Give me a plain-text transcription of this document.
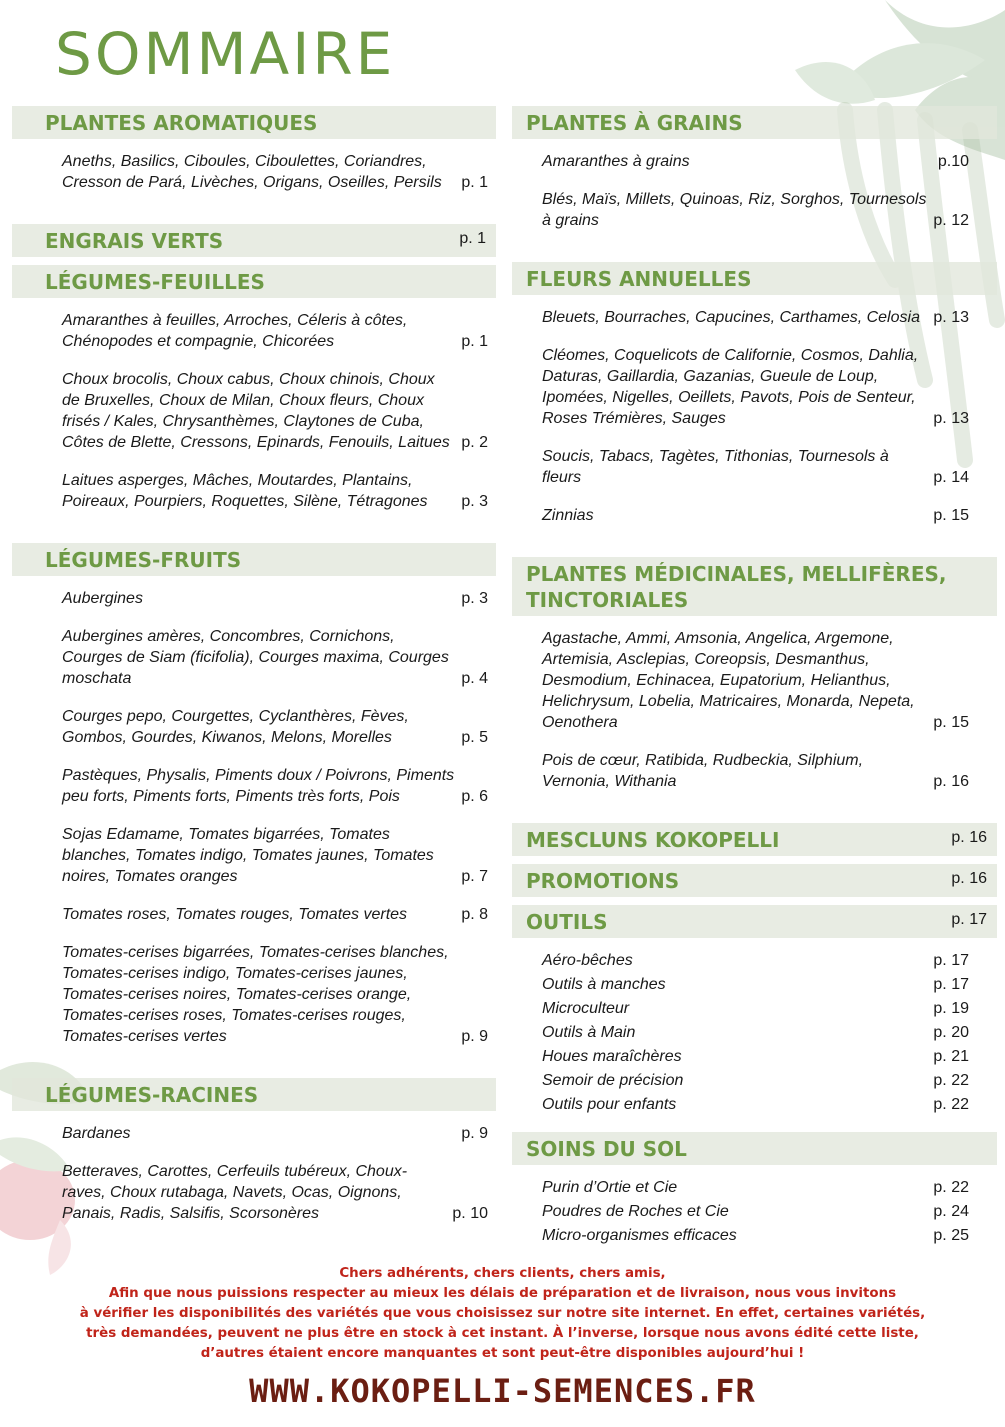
SOMMAIRE
PLANTES AROMATIQUES
Aneths, Basilics, Ciboules, Ciboulettes, Coriandres, Cresson de Pará, Livèches, Origans, Oseilles, Persils	p. 1
ENGRAIS VERTS	p. 1
LÉGUMES-FEUILLES
Amaranthes à feuilles, Arroches, Céleris à côtes, Chénopodes et compagnie, Chicorées	p. 1
Choux brocolis, Choux cabus, Choux chinois, Choux de Bruxelles, Choux de Milan, Choux fleurs, Choux frisés / Kales, Chrysanthèmes, Claytones de Cuba, Côtes de Blette, Cressons, Epinards, Fenouils, Laitues p. 2
Laitues asperges, Mâches, Moutardes, Plantains, Poireaux, Pourpiers, Roquettes, Silène, Tétragones	p. 3
LÉGUMES-FRUITS
Aubergines	p. 3
Aubergines amères, Concombres, Cornichons, Courges de Siam (ficifolia), Courges maxima, Courges moschata	p. 4
Courges pepo, Courgettes, Cyclanthères, Fèves, Gombos, Gourdes, Kiwanos, Melons, Morelles	p. 5
Pastèques, Physalis, Piments doux / Poivrons, Piments peu forts, Piments forts, Piments très forts, Pois	p. 6
Sojas Edamame, Tomates bigarrées, Tomates blanches, Tomates indigo, Tomates jaunes, Tomates noires, Tomates oranges	p. 7
Tomates roses, Tomates rouges, Tomates vertes	p. 8
Tomates-cerises bigarrées, Tomates-cerises blanches, Tomates-cerises indigo, Tomates-cerises jaunes, Tomates-cerises noires, Tomates-cerises orange, Tomates-cerises roses, Tomates-cerises rouges, Tomates-cerises vertes	p. 9
LÉGUMES-RACINES
Bardanes	p. 9
Betteraves, Carottes, Cerfeuils tubéreux, Choux-raves, Choux rutabaga, Navets, Ocas, Oignons, Panais, Radis, Salsifis, Scorsonères	p. 10
PLANTES À GRAINS
Amaranthes à grains	p.10
Blés, Maïs, Millets, Quinoas, Riz, Sorghos, Tournesols à grains	p. 12
FLEURS ANNUELLES
Bleuets, Bourraches, Capucines, Carthames, Celosia p. 13
Cléomes, Coquelicots de Californie, Cosmos, Dahlia, Daturas, Gaillardia, Gazanias, Gueule de Loup, Ipomées, Nigelles, Oeillets, Pavots, Pois de Senteur, Roses Trémières, Sauges	p. 13
Soucis, Tabacs, Tagètes, Tithonias, Tournesols à fleurs	p. 14
Zinnias	p. 15
PLANTES MÉDICINALES, MELLIFÈRES, TINCTORIALES
Agastache, Ammi, Amsonia, Angelica, Argemone, Artemisia, Asclepias, Coreopsis, Desmanthus, Desmodium, Echinacea, Eupatorium, Helianthus, Helichrysum, Lobelia, Matricaires, Monarda, Nepeta, Oenothera	p. 15
Pois de cœur, Ratibida, Rudbeckia, Silphium, Vernonia, Withania	p. 16
MESCLUNS KOKOPELLI	p. 16
PROMOTIONS	p. 16
OUTILS	p. 17
Aéro-bêches	p. 17
Outils à manches	p. 17
Microculteur	p. 19
Outils à Main	p. 20
Houes maraîchères	p. 21
Semoir de précision	p. 22
Outils pour enfants	p. 22
SOINS DU SOL
Purin d’Ortie et Cie	p. 22
Poudres de Roches et Cie	p. 24
Micro-organismes efficaces	p. 25
Chers adhérents, chers clients, chers amis,
Afin que nous puissions respecter au mieux les délais de préparation et de livraison, nous vous invitons
à vérifier les disponibilités des variétés que vous choisissez sur notre site internet. En effet, certaines variétés,
très demandées, peuvent ne plus être en stock à cet instant. À l’inverse, lorsque nous avons édité cette liste,
d’autres étaient encore manquantes et sont peut-être disponibles aujourd’hui !
WWW.KOKOPELLI-SEMENCES.FR
